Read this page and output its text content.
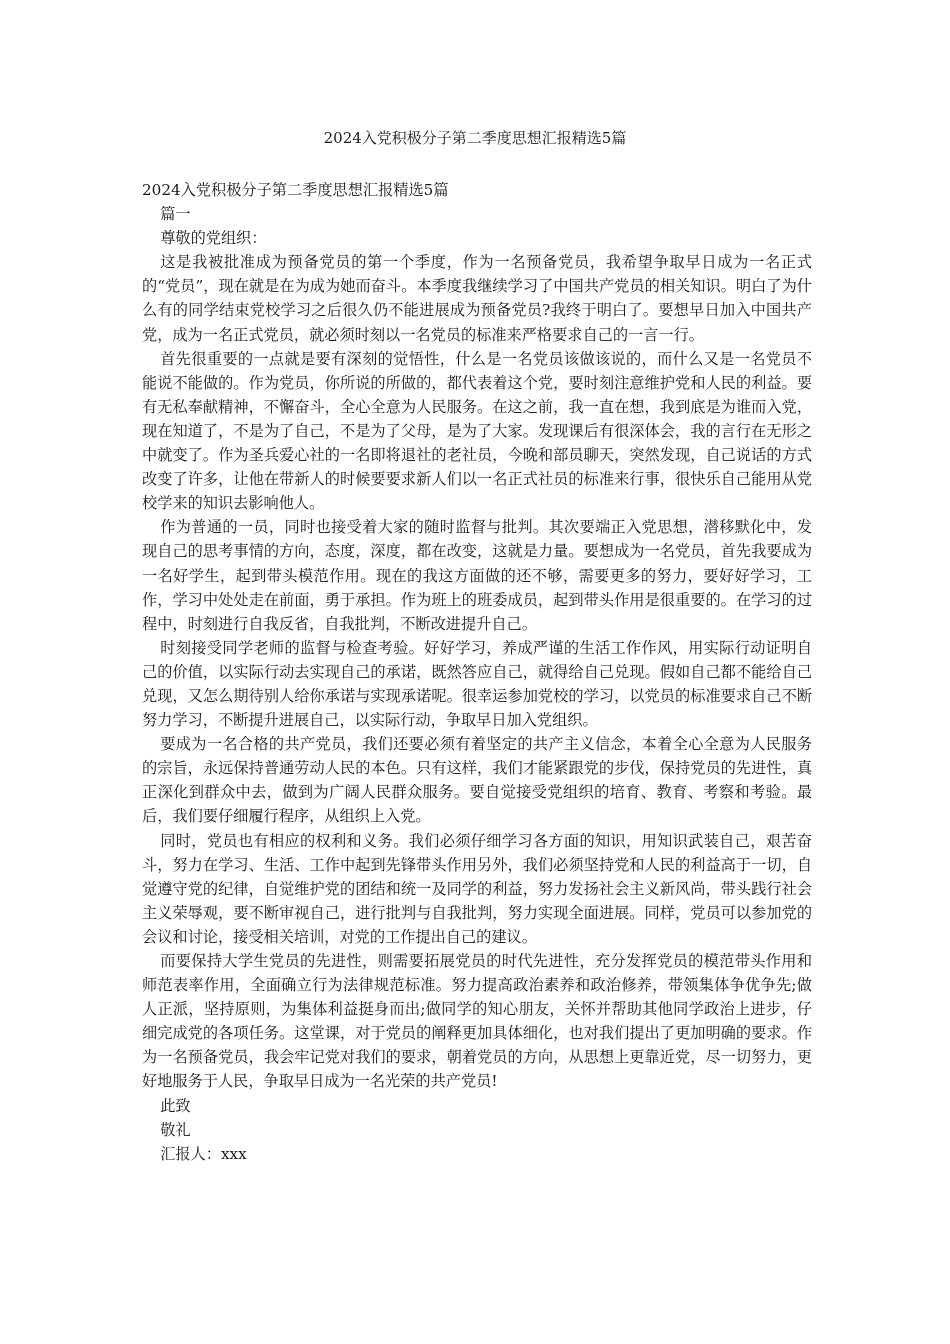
2024入党积极分子第二季度思想汇报精选5篇

2024入党积极分子第二季度思想汇报精选5篇

篇一

尊敬的党组织：

这是我被批准成为预备党员的第一个季度，作为一名预备党员，我希望争取早日成为一名正式的“党员”，现在就是在为成为她而奋斗。本季度我继续学习了中国共产党员的相关知识。明白了为什么有的同学结束党校学习之后很久仍不能进展成为预备党员?我终于明白了。要想早日加入中国共产党，成为一名正式党员，就必须时刻以一名党员的标准来严格要求自己的一言一行。

首先很重要的一点就是要有深刻的觉悟性，什么是一名党员该做该说的，而什么又是一名党员不能说不能做的。作为党员，你所说的所做的，都代表着这个党，要时刻注意维护党和人民的利益。要有无私奉献精神，不懈奋斗，全心全意为人民服务。在这之前，我一直在想，我到底是为谁而入党，现在知道了，不是为了自己，不是为了父母，是为了大家。发现课后有很深体会，我的言行在无形之中就变了。作为圣兵爱心社的一名即将退社的老社员，今晚和部员聊天，突然发现，自己说话的方式改变了许多，让他在带新人的时候要要求新人们以一名正式社员的标准来行事，很快乐自己能用从党校学来的知识去影响他人。

作为普通的一员，同时也接受着大家的随时监督与批判。其次要端正入党思想，潜移默化中，发现自己的思考事情的方向，态度，深度，都在改变，这就是力量。要想成为一名党员，首先我要成为一名好学生，起到带头模范作用。现在的我这方面做的还不够，需要更多的努力，要好好学习，工作，学习中处处走在前面，勇于承担。作为班上的班委成员，起到带头作用是很重要的。在学习的过程中，时刻进行自我反省，自我批判，不断改进提升自己。

时刻接受同学老师的监督与检查考验。好好学习，养成严谨的生活工作作风，用实际行动证明自己的价值，以实际行动去实现自己的承诺，既然答应自己，就得给自己兑现。假如自己都不能给自己兑现，又怎么期待别人给你承诺与实现承诺呢。很幸运参加党校的学习，以党员的标准要求自己不断努力学习，不断提升进展自己，以实际行动，争取早日加入党组织。

要成为一名合格的共产党员，我们还要必须有着坚定的共产主义信念，本着全心全意为人民服务的宗旨，永远保持普通劳动人民的本色。只有这样，我们才能紧跟党的步伐，保持党员的先进性，真正深化到群众中去，做到为广阔人民群众服务。要自觉接受党组织的培育、教育、考察和考验。最后，我们要仔细履行程序，从组织上入党。

同时，党员也有相应的权利和义务。我们必须仔细学习各方面的知识，用知识武装自己，艰苦奋斗，努力在学习、生活、工作中起到先锋带头作用另外，我们必须坚持党和人民的利益高于一切，自觉遵守党的纪律，自觉维护党的团结和统一及同学的利益，努力发扬社会主义新风尚，带头践行社会主义荣辱观，要不断审视自己，进行批判与自我批判，努力实现全面进展。同样，党员可以参加党的会议和讨论，接受相关培训，对党的工作提出自己的建议。

而要保持大学生党员的先进性，则需要拓展党员的时代先进性，充分发挥党员的模范带头作用和师范表率作用，全面确立行为法律规范标准。努力提高政治素养和政治修养，带领集体争优争先;做人正派，坚持原则，为集体利益挺身而出;做同学的知心朋友，关怀并帮助其他同学政治上进步，仔细完成党的各项任务。这堂课，对于党员的阐释更加具体细化，也对我们提出了更加明确的要求。作为一名预备党员，我会牢记党对我们的要求，朝着党员的方向，从思想上更靠近党，尽一切努力，更好地服务于人民，争取早日成为一名光荣的共产党员!

此致

敬礼

汇报人：xxx
